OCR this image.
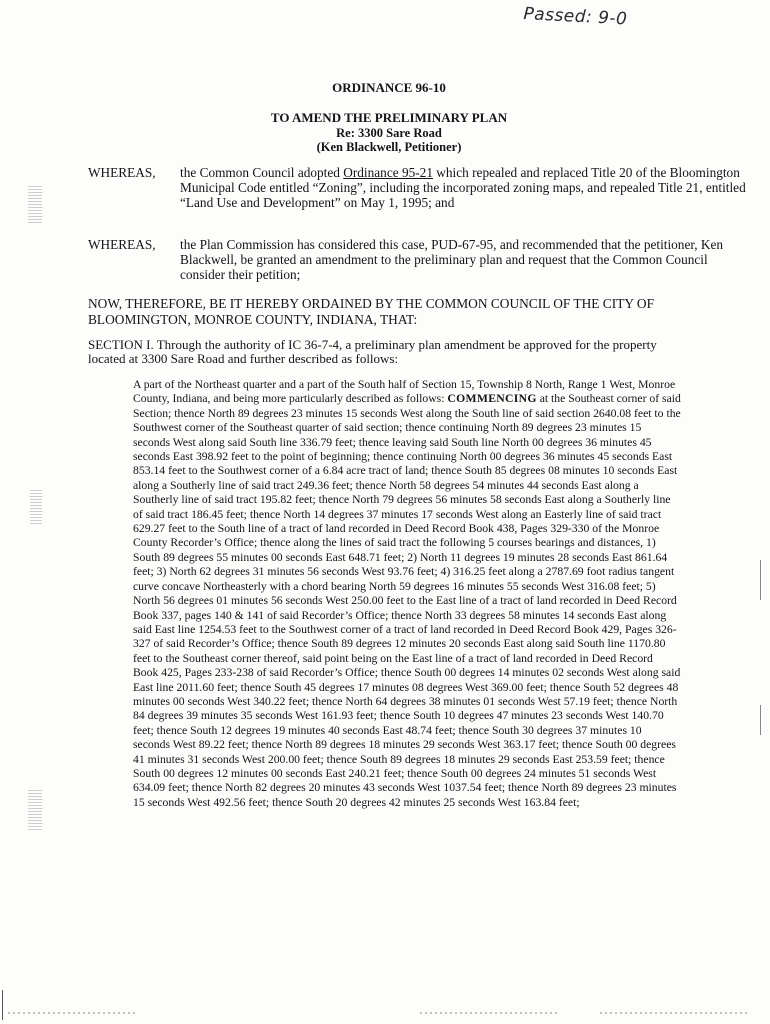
Passed: 9-0
ORDINANCE 96-10
TO AMEND THE PRELIMINARY PLAN
Re: 3300 Sare Road
(Ken Blackwell, Petitioner)
WHEREAS,	the Common Council adopted Ordinance 95-21 which repealed and replaced Title 20 of the Bloomington Municipal Code entitled “Zoning”, including the incorporated zoning maps, and repealed Title 21, entitled “Land Use and Development” on May 1, 1995; and

WHEREAS,	the Plan Commission has considered this case, PUD-67-95, and recommended that the petitioner, Ken Blackwell, be granted an amendment to the preliminary plan and request that the Common Council consider their petition;

NOW, THEREFORE, BE IT HEREBY ORDAINED BY THE COMMON COUNCIL OF THE CITY OF BLOOMINGTON, MONROE COUNTY, INDIANA, THAT:

SECTION I. Through the authority of IC 36-7-4, a preliminary plan amendment be approved for the property located at 3300 Sare Road and further described as follows:

A part of the Northeast quarter and a part of the South half of Section 15, Township 8 North, Range 1 West, Monroe County, Indiana, and being more particularly described as follows: COMMENCING at the Southeast corner of said Section; thence North 89 degrees 23 minutes 15 seconds West along the South line of said section 2640.08 feet to the Southwest corner of the Southeast quarter of said section; thence continuing North 89 degrees 23 minutes 15 seconds West along said South line 336.79 feet; thence leaving said South line North 00 degrees 36 minutes 45 seconds East 398.92 feet to the point of beginning; thence continuing North 00 degrees 36 minutes 45 seconds East 853.14 feet to the Southwest corner of a 6.84 acre tract of land; thence South 85 degrees 08 minutes 10 seconds East along a Southerly line of said tract 249.36 feet; thence North 58 degrees 54 minutes 44 seconds East along a Southerly line of said tract 195.82 feet; thence North 79 degrees 56 minutes 58 seconds East along a Southerly line of said tract 186.45 feet; thence North 14 degrees 37 minutes 17 seconds West along an Easterly line of said tract 629.27 feet to the South line of a tract of land recorded in Deed Record Book 438, Pages 329-330 of the Monroe County Recorder’s Office; thence along the lines of said tract the following 5 courses bearings and distances, 1) South 89 degrees 55 minutes 00 seconds East 648.71 feet; 2) North 11 degrees 19 minutes 28 seconds East 861.64 feet; 3) North 62 degrees 31 minutes 56 seconds West 93.76 feet; 4) 316.25 feet along a 2787.69 foot radius tangent curve concave Northeasterly with a chord bearing North 59 degrees 16 minutes 55 seconds West 316.08 feet; 5) North 56 degrees 01 minutes 56 seconds West 250.00 feet to the East line of a tract of land recorded in Deed Record Book 337, pages 140 & 141 of said Recorder’s Office; thence North 33 degrees 58 minutes 14 seconds East along said East line 1254.53 feet to the Southwest corner of a tract of land recorded in Deed Record Book 429, Pages 326-327 of said Recorder’s Office; thence South 89 degrees 12 minutes 20 seconds East along said South line 1170.80 feet to the Southeast corner thereof, said point being on the East line of a tract of land recorded in Deed Record Book 425, Pages 233-238 of said Recorder’s Office; thence South 00 degrees 14 minutes 02 seconds West along said East line 2011.60 feet; thence South 45 degrees 17 minutes 08 degrees West 369.00 feet; thence South 52 degrees 48 minutes 00 seconds West 340.22 feet; thence North 64 degrees 38 minutes 01 seconds West 57.19 feet; thence North 84 degrees 39 minutes 35 seconds West 161.93 feet; thence South 10 degrees 47 minutes 23 seconds West 140.70 feet; thence South 12 degrees 19 minutes 40 seconds East 48.74 feet; thence South 30 degrees 37 minutes 10 seconds West 89.22 feet; thence North 89 degrees 18 minutes 29 seconds West 363.17 feet; thence South 00 degrees 41 minutes 31 seconds West 200.00 feet; thence South 89 degrees 18 minutes 29 seconds East 253.59 feet; thence South 00 degrees 12 minutes 00 seconds East 240.21 feet; thence South 00 degrees 24 minutes 51 seconds West 634.09 feet; thence North 82 degrees 20 minutes 43 seconds West 1037.54 feet; thence North 89 degrees 23 minutes 15 seconds West 492.56 feet; thence South 20 degrees 42 minutes 25 seconds West 163.84 feet;
